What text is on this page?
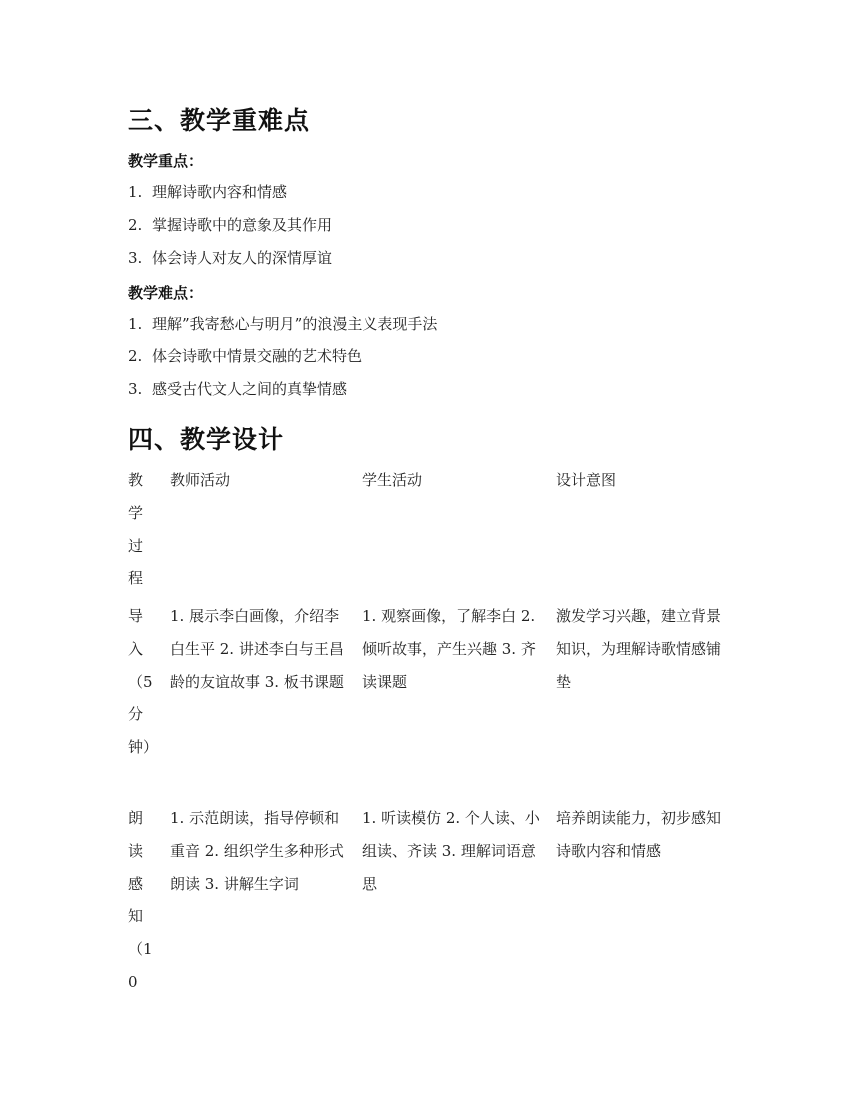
三、教学重难点
教学重点：
1. 理解诗歌内容和情感
2. 掌握诗歌中的意象及其作用
3. 体会诗人对友人的深情厚谊
教学难点：
1. 理解”我寄愁心与明月”的浪漫主义表现手法
2. 体会诗歌中情景交融的艺术特色
3. 感受古代文人之间的真挚情感
四、教学设计
教学过程
教师活动	学生活动	设计意图
导入（5分钟）
1. 展示李白画像，介绍李白生平 2. 讲述李白与王昌龄的友谊故事 3. 板书课题
1. 观察画像，了解李白 2. 倾听故事，产生兴趣 3. 齐读课题
激发学习兴趣，建立背景知识，为理解诗歌情感铺垫
朗读感知（10
1. 示范朗读，指导停顿和重音 2. 组织学生多种形式朗读 3. 讲解生字词
1. 听读模仿 2. 个人读、小组读、齐读 3. 理解词语意思
培养朗读能力，初步感知诗歌内容和情感
